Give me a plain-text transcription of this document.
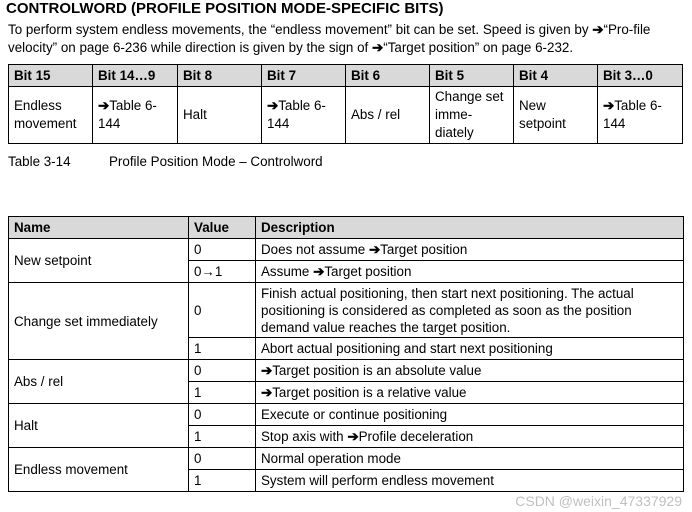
CONTROLWORD (PROFILE POSITION MODE-SPECIFIC BITS)
To perform system endless movements, the “endless movement” bit can be set. Speed is given by ➔“Pro-file velocity” on page 6-236 while direction is given by the sign of ➔“Target position” on page 6-232.
Bit 15	Bit 14…9	Bit 8	Bit 7	Bit 6	Bit 5	Bit 4	Bit 3…0
Endless movement	➔Table 6-144	Halt	➔Table 6-144	Abs / rel	Change set imme-diately	New setpoint	➔Table 6-144
Table 3-14	Profile Position Mode – Controlword
Name	Value	Description
New setpoint	0	Does not assume ➔Target position
	0→1	Assume ➔Target position
Change set immediately	0	Finish actual positioning, then start next positioning. The actual positioning is considered as completed as soon as the position demand value reaches the target position.
	1	Abort actual positioning and start next positioning
Abs / rel	0	➔Target position is an absolute value
	1	➔Target position is a relative value
Halt	0	Execute or continue positioning
	1	Stop axis with ➔Profile deceleration
Endless movement	0	Normal operation mode
	1	System will perform endless movement
CSDN @weixin_47337929
